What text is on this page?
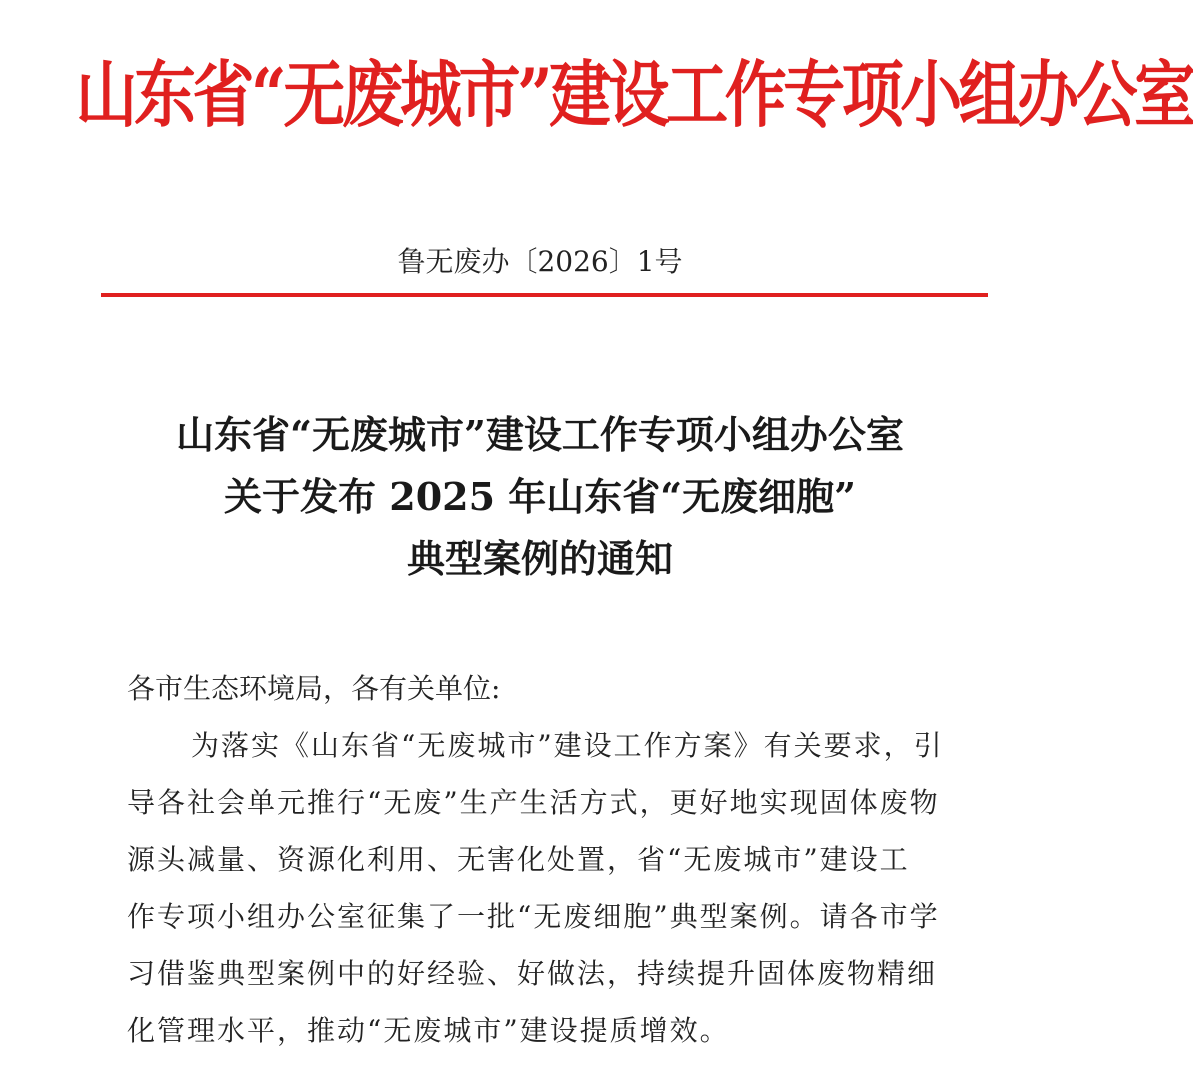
山东省“无废城市”建设工作专项小组办公室
鲁无废办〔2026〕1号
山东省“无废城市”建设工作专项小组办公室
关于发布 2025 年山东省“无废细胞”
典型案例的通知
各市生态环境局，各有关单位:
为落实《山东省“无废城市”建设工作方案》有关要求，引
导各社会单元推行“无废”生产生活方式，更好地实现固体废物
源头减量、资源化利用、无害化处置，省“无废城市”建设工
作专项小组办公室征集了一批“无废细胞”典型案例。请各市学
习借鉴典型案例中的好经验、好做法，持续提升固体废物精细
化管理水平，推动“无废城市”建设提质增效。
